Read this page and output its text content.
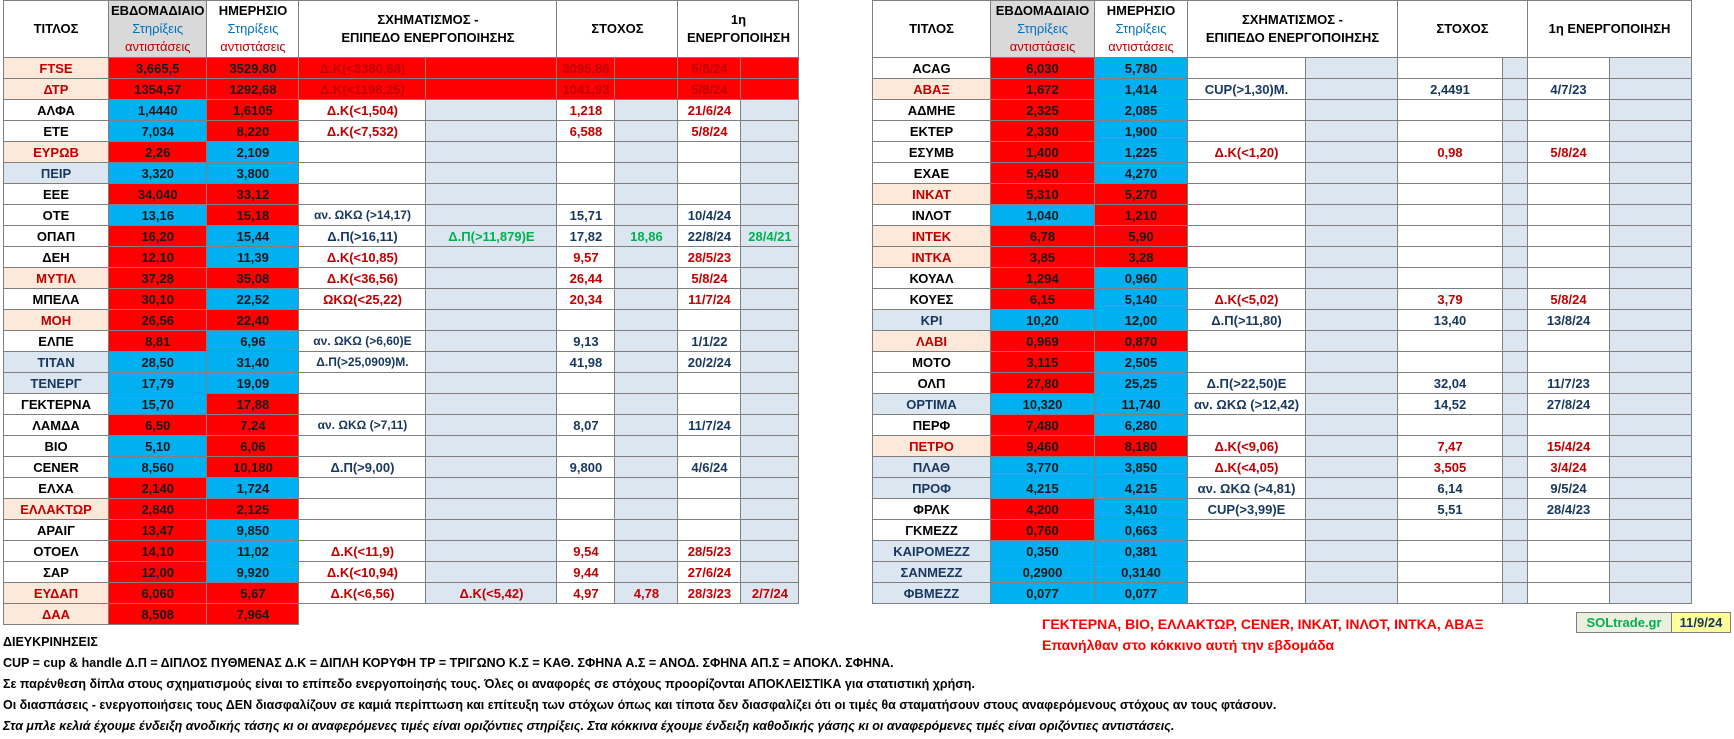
ΤΙΤΛΟΣ	ΕΒΔΟΜΑΔΙΑΙΟ
Στηρίξεις
αντιστάσεις	ΗΜΕΡΗΣΙΟ
Στηρίξεις
αντιστάσεις	ΣΧΗΜΑΤΙΣΜΟΣ -
ΕΠΙΠΕΔΟ ΕΝΕΡΓΟΠΟΙΗΣΗΣ		ΣΤΟΧΟΣ		1η ΕΝΕΡΓΟΠΟΙΗΣΗ	
FTSE	3,665,5	3529,80	Δ.Κ(<3380,68)		3095,86		5/8/24	
ΔΤΡ	1354,57	1292,68	Δ.Κ(<1198,25)		1041,93		5/8/24	
ΑΛΦΑ	1,4440	1,6105	Δ.Κ(<1,504)		1,218		21/6/24	
ΕΤΕ	7,034	8,220	Δ.Κ(<7,532)		6,588		5/8/24	
ΕΥΡΩΒ	2,26	2,109						
ΠΕΙΡ	3,320	3,800						
ΕΕΕ	34,040	33,12						
ΟΤΕ	13,16	15,18	αν. ΩΚΩ (>14,17)		15,71		10/4/24	
ΟΠΑΠ	16,20	15,44	Δ.Π(>16,11)	Δ.Π(>11,879)Ε	17,82	18,86	22/8/24	28/4/21
ΔΕΗ	12,10	11,39	Δ.Κ(<10,85)		9,57		28/5/23	
ΜΥΤΙΛ	37,28	35,08	Δ.Κ(<36,56)		26,44		5/8/24	
ΜΠΕΛΑ	30,10	22,52	ΩΚΩ(<25,22)		20,34		11/7/24	
ΜΟΗ	26,56	22,40						
ΕΛΠΕ	8,81	6,96	αν. ΩΚΩ (>6,60)Ε		9,13		1/1/22	
ΤΙΤΑΝ	28,50	31,40	Δ.Π(>25,0909)Μ.		41,98		20/2/24	
ΤΕΝΕΡΓ	17,79	19,09						
ΓΕΚΤΕΡΝΑ	15,70	17,88						
ΛΑΜΔΑ	6,50	7,24	αν. ΩΚΩ (>7,11)		8,07		11/7/24	
ΒΙΟ	5,10	6,06						
CENER	8,560	10,180	Δ.Π(>9,00)		9,800		4/6/24	
ΕΛΧΑ	2,140	1,724						
ΕΛΛΑΚΤΩΡ	2,840	2,125						
ΑΡΑΙΓ	13,47	9,850						
ΟΤΟΕΛ	14,10	11,02	Δ.Κ(<11,9)		9,54		28/5/23	
ΣΑΡ	12,00	9,920	Δ.Κ(<10,94)		9,44		27/6/24	
ΕΥΔΑΠ	6,060	5,67	Δ.Κ(<6,56)	Δ.Κ(<5,42)	4,97	4,78	28/3/23	2/7/24
ΔΑΑ	8,508	7,964						
ΤΙΤΛΟΣ	ΕΒΔΟΜΑΔΙΑΙΟ
Στηρίξεις
αντιστάσεις	ΗΜΕΡΗΣΙΟ
Στηρίξεις
αντιστάσεις	ΣΧΗΜΑΤΙΣΜΟΣ -
ΕΠΙΠΕΔΟ ΕΝΕΡΓΟΠΟΙΗΣΗΣ		ΣΤΟΧΟΣ		1η ΕΝΕΡΓΟΠΟΙΗΣΗ	
ACAG	6,030	5,780						
ΑΒΑΞ	1,672	1,414	CUP(>1,30)Μ.		2,4491		4/7/23	
ΑΔΜΗΕ	2,325	2,085						
ΕΚΤΕΡ	2,330	1,900						
ΕΣΥΜΒ	1,400	1,225	Δ.Κ(<1,20)		0,98		5/8/24	
ΕΧΑΕ	5,450	4,270						
ΙΝΚΑΤ	5,310	5,270						
ΙΝΛΟΤ	1,040	1,210						
ΙΝΤΕΚ	6,78	5,90						
ΙΝΤΚΑ	3,85	3,28						
ΚΟΥΑΛ	1,294	0,960						
ΚΟΥΕΣ	6,15	5,140	Δ.Κ(<5,02)		3,79		5/8/24	
ΚΡΙ	10,20	12,00	Δ.Π(>11,80)		13,40		13/8/24	
ΛΑΒΙ	0,969	0,870						
ΜΟΤΟ	3,115	2,505						
ΟΛΠ	27,80	25,25	Δ.Π(>22,50)Ε		32,04		11/7/23	
ΟΡΤΙΜΑ	10,320	11,740	αν. ΩΚΩ (>12,42)		14,52		27/8/24	
ΠΕΡΦ	7,480	6,280						
ΠΕΤΡΟ	9,460	8,180	Δ.Κ(<9,06)		7,47		15/4/24	
ΠΛΑΘ	3,770	3,850	Δ.Κ(<4,05)		3,505		3/4/24	
ΠΡΟΦ	4,215	4,215	αν. ΩΚΩ (>4,81)		6,14		9/5/24	
ΦΡΛΚ	4,200	3,410	CUP(>3,99)Ε		5,51		28/4/23	
ΓΚΜΕΖΖ	0,760	0,663						
ΚΑΙΡΟΜΕΖΖ	0,350	0,381						
ΣΑΝΜΕΖΖ	0,2900	0,3140						
ΦΒΜΕΖΖ	0,077	0,077						
ΓΕΚΤΕΡΝΑ, ΒΙΟ, ΕΛΛΑΚΤΩΡ, CENER, ΙΝΚΑΤ, ΙΝΛΟΤ, ΙΝΤΚΑ, ΑΒΑΞ
Επανήλθαν στο κόκκινο αυτή την εβδομάδα
SOLtrade.gr	11/9/24
ΔΙΕΥΚΡΙΝΗΣΕΙΣ
CUP = cup & handle Δ.Π = ΔΙΠΛΟΣ ΠΥΘΜΕΝΑΣ Δ.Κ = ΔΙΠΛΗ ΚΟΡΥΦΗ ΤΡ = ΤΡΙΓΩΝΟ Κ.Σ = ΚΑΘ. ΣΦΗΝΑ Α.Σ = ΑΝΟΔ. ΣΦΗΝΑ ΑΠ.Σ = ΑΠΟΚΛ. ΣΦΗΝΑ.
Σε παρένθεση δίπλα στους σχηματισμούς είναι το επίπεδο ενεργοποίησής τους. Όλες οι αναφορές σε στόχους προορίζονται ΑΠΟΚΛΕΙΣΤΙΚΑ για στατιστική χρήση.
Οι διασπάσεις - ενεργοποιήσεις τους ΔΕΝ διασφαλίζουν σε καμιά περίπτωση και επίτευξη των στόχων όπως και τίποτα δεν διασφαλίζει ότι οι τιμές θα σταματήσουν στους αναφερόμενους στόχους αν τους φτάσουν.
Στα μπλε κελιά έχουμε ένδειξη ανοδικής τάσης κι οι αναφερόμενες τιμές είναι οριζόντιες στηρίξεις. Στα κόκκινα έχουμε ένδειξη καθοδικής γάσης κι οι αναφερόμενες τιμές είναι οριζόντιες αντιστάσεις.
